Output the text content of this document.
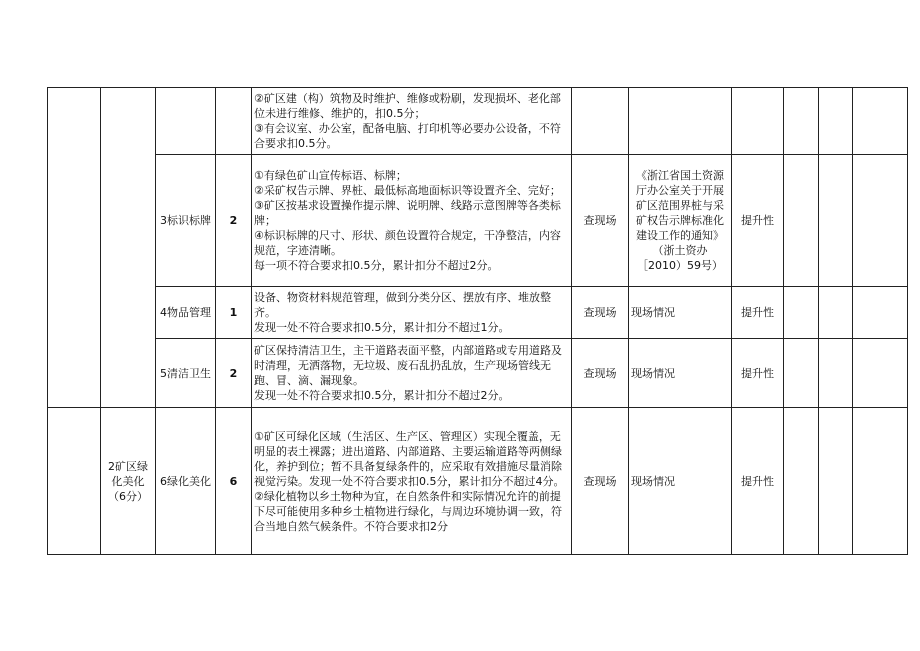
				②矿区建（构）筑物及时维护、维修或粉刷，发现损坏、老化部位未进行维修、维护的，扣0.5分；

③有会议室、办公室，配备电脑、打印机等必要办公设备，不符合要求扣0.5分。						

		3标识标牌	2	①有绿色矿山宣传标语、标牌；

②采矿权告示牌、界桩、最低标高地面标识等设置齐全、完好；

③矿区按基求设置操作提示牌、说明牌、线路示意图牌等各类标牌；

④标识标牌的尺寸、形状、颜色设置符合规定，干净整洁，内容规范，字迹清晰。

每一项不符合要求扣0.5分，累计扣分不超过2分。	查现场	《浙江省国土资源厅办公室关于开展矿区范围界桩与采矿权告示牌标准化建设工作的通知》（浙土资办［2010）59号）	提升性			
		4物品管理	1	设备、物资材料规范管理，做到分类分区、摆放有序、堆放整齐。

发现一处不符合要求扣0.5分，累计扣分不超过1分。	查现场	现场情况	提升性			
		5清洁卫生	2	矿区保持清洁卫生，主干道路表面平整，内部道路或专用道路及时清理，无洒落物，无垃圾、废石乱扔乱放，生产现场管线无跑、冒、滴、漏现象。

发现一处不符合要求扣0.5分，累计扣分不超过2分。	查现场	现场情况	提升性			
	2矿区绿化美化（6分）	6绿化美化	6	①矿区可绿化区域（生活区、生产区、管理区）实现全覆盖，无明显的表土裸露；进出道路、内部道路、主要运输道路等两侧绿化，养护到位；暂不具备复绿条件的，应采取有效措施尽量消除视觉污染。发现一处不符合要求扣0.5分，累计扣分不超过4分。

②绿化植物以乡土物种为宜，在自然条件和实际情况允许的前提下尽可能使用多种乡土植物进行绿化，与周边环境协调一致，符合当地自然气候条件。不符合要求扣2分	查现场	现场情况	提升性			
